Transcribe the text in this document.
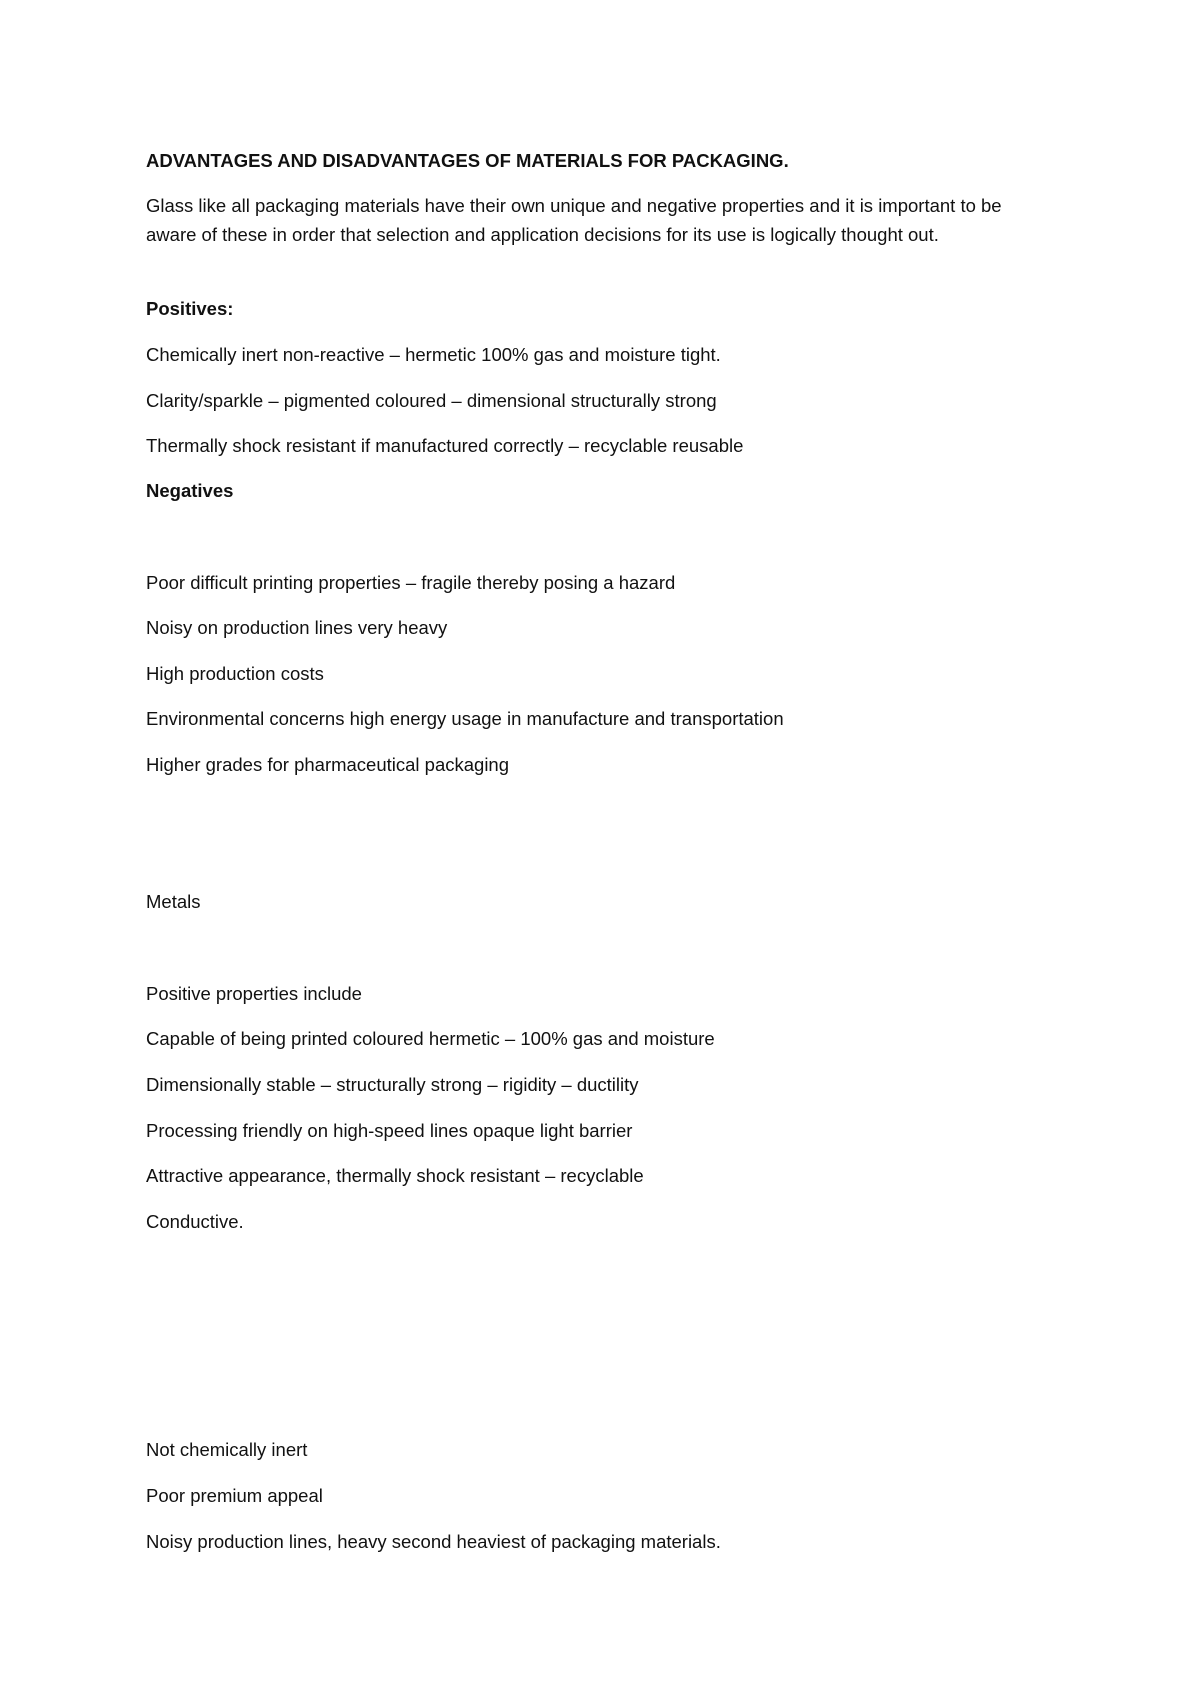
ADVANTAGES AND DISADVANTAGES OF MATERIALS FOR PACKAGING.

Glass like all packaging materials have their own unique and negative properties and it is important to be aware of these in order that selection and application decisions for its use is logically thought out.

Positives:

Chemically inert non-reactive – hermetic 100% gas and moisture tight.

Clarity/sparkle – pigmented coloured – dimensional structurally strong

Thermally shock resistant if manufactured correctly – recyclable reusable

Negatives

Poor difficult printing properties – fragile thereby posing a hazard

Noisy on production lines very heavy

High production costs

Environmental concerns high energy usage in manufacture and transportation

Higher grades for pharmaceutical packaging

Metals

Positive properties include

Capable of being printed coloured hermetic – 100% gas and moisture

Dimensionally stable – structurally strong – rigidity – ductility

Processing friendly on high-speed lines opaque light barrier

Attractive appearance, thermally shock resistant – recyclable

Conductive.

Not chemically inert

Poor premium appeal

Noisy production lines, heavy second heaviest of packaging materials.
